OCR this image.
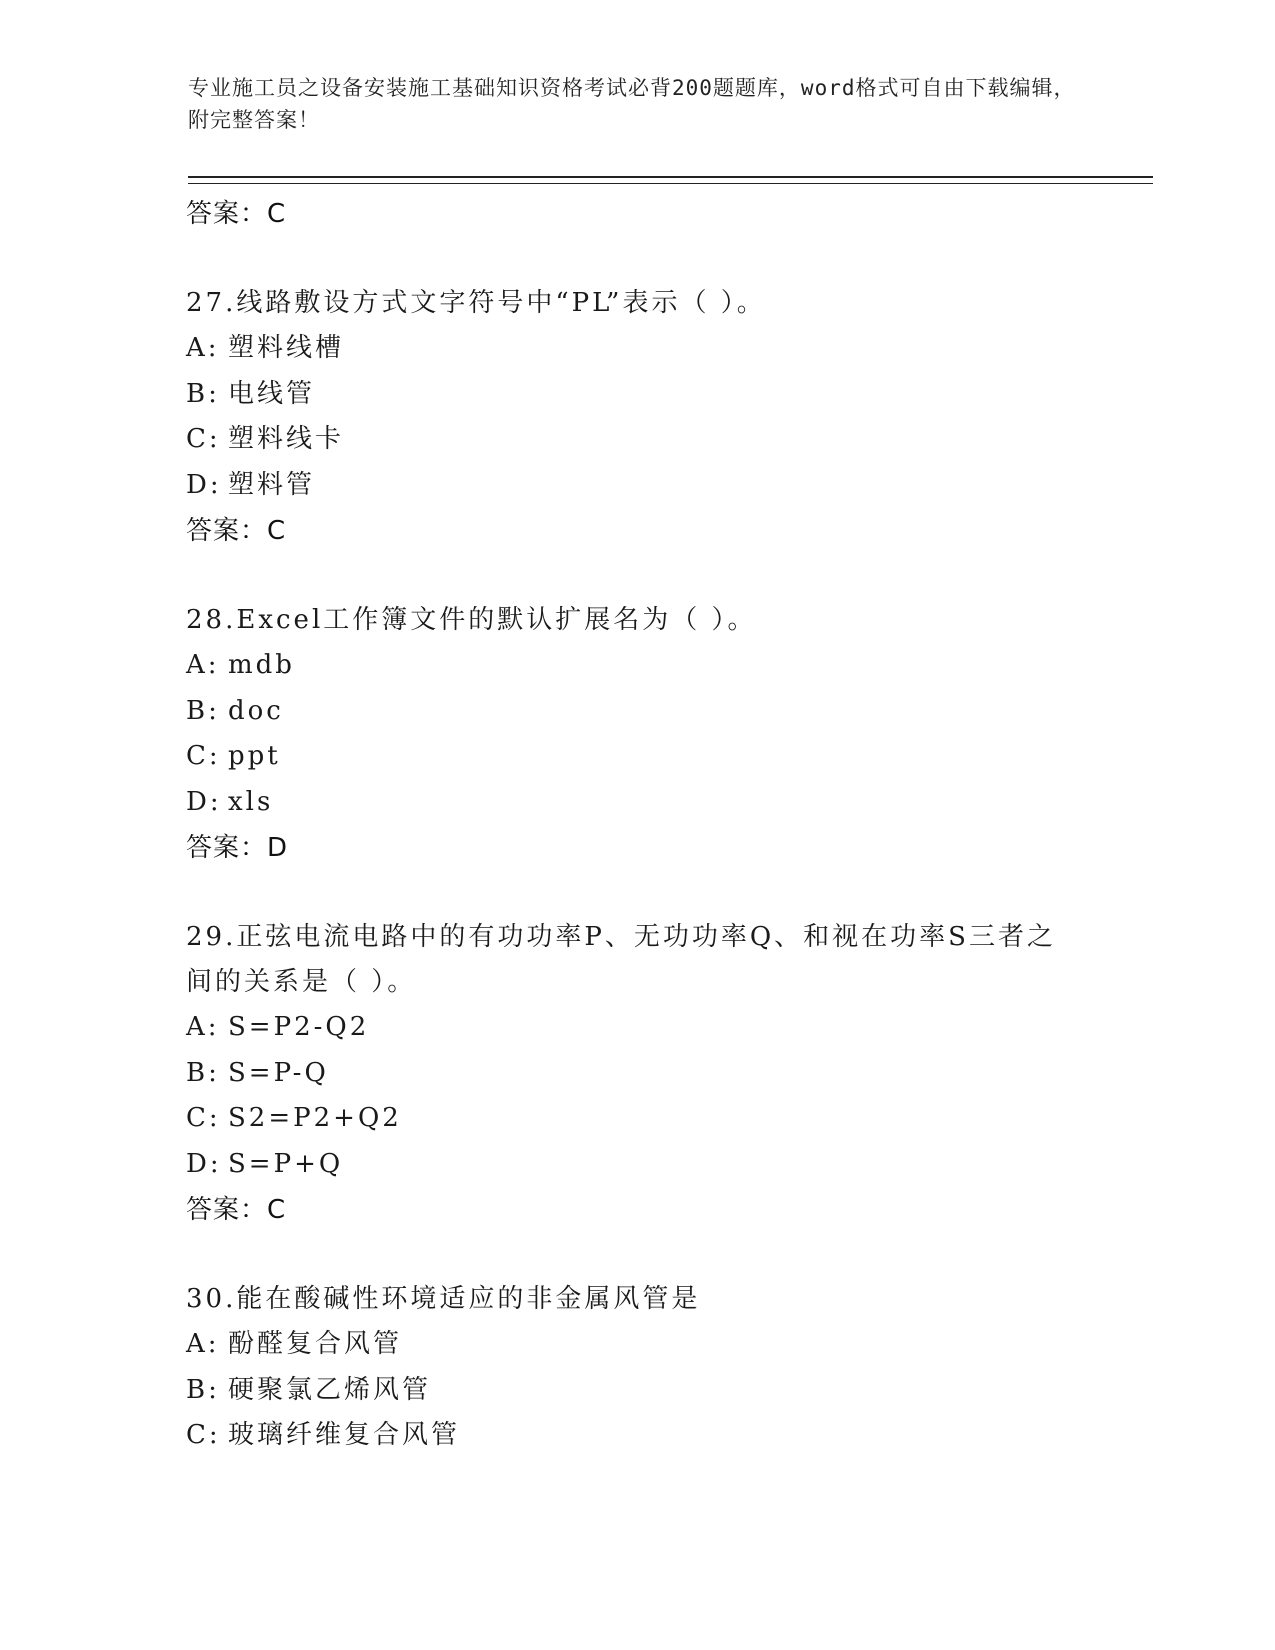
专业施工员之设备安装施工基础知识资格考试必背200题题库，word格式可自由下载编辑，附完整答案！
答案：C
27.线路敷设方式文字符号中“PL”表示（ ）。
A: 塑料线槽
B: 电线管
C: 塑料线卡
D: 塑料管
答案：C
28.Excel工作簿文件的默认扩展名为（ ）。
A: mdb
B: doc
C: ppt
D: xls
答案：D
29.正弦电流电路中的有功功率P、无功功率Q、和视在功率S三者之间的关系是（ ）。
A: S=P2-Q2
B: S=P-Q
C: S2=P2+Q2
D: S=P+Q
答案：C
30.能在酸碱性环境适应的非金属风管是
A: 酚醛复合风管
B: 硬聚氯乙烯风管
C: 玻璃纤维复合风管
